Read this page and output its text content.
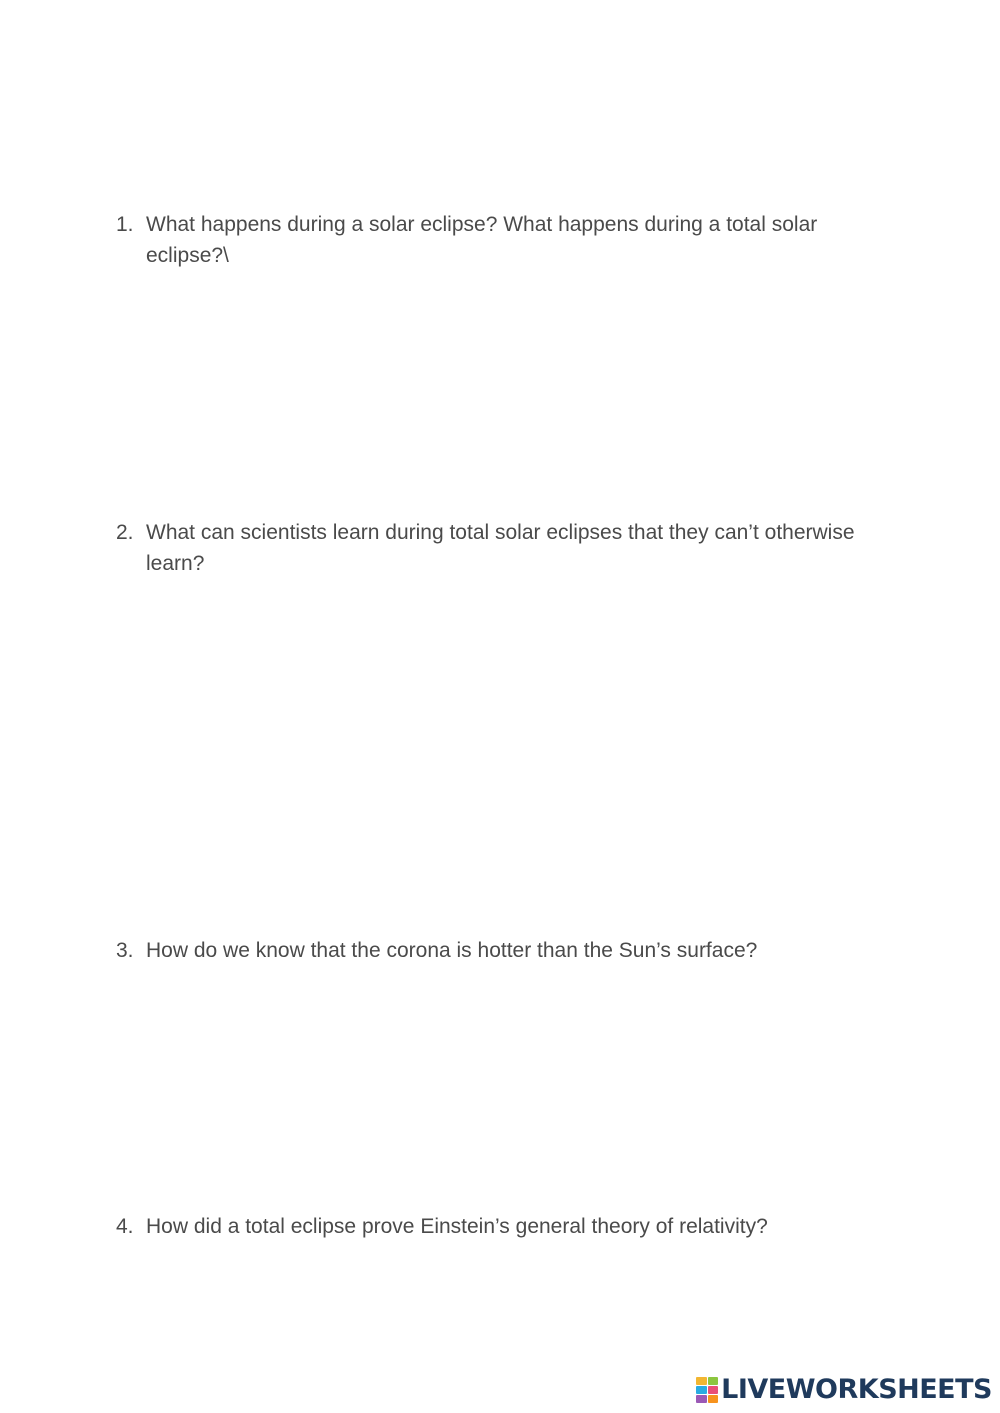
1. What happens during a solar eclipse? What happens during a total solar eclipse?\
2. What can scientists learn during total solar eclipses that they can’t otherwise learn?
3. How do we know that the corona is hotter than the Sun’s surface?
4. How did a total eclipse prove Einstein’s general theory of relativity?
LIVEWORKSHEETS
